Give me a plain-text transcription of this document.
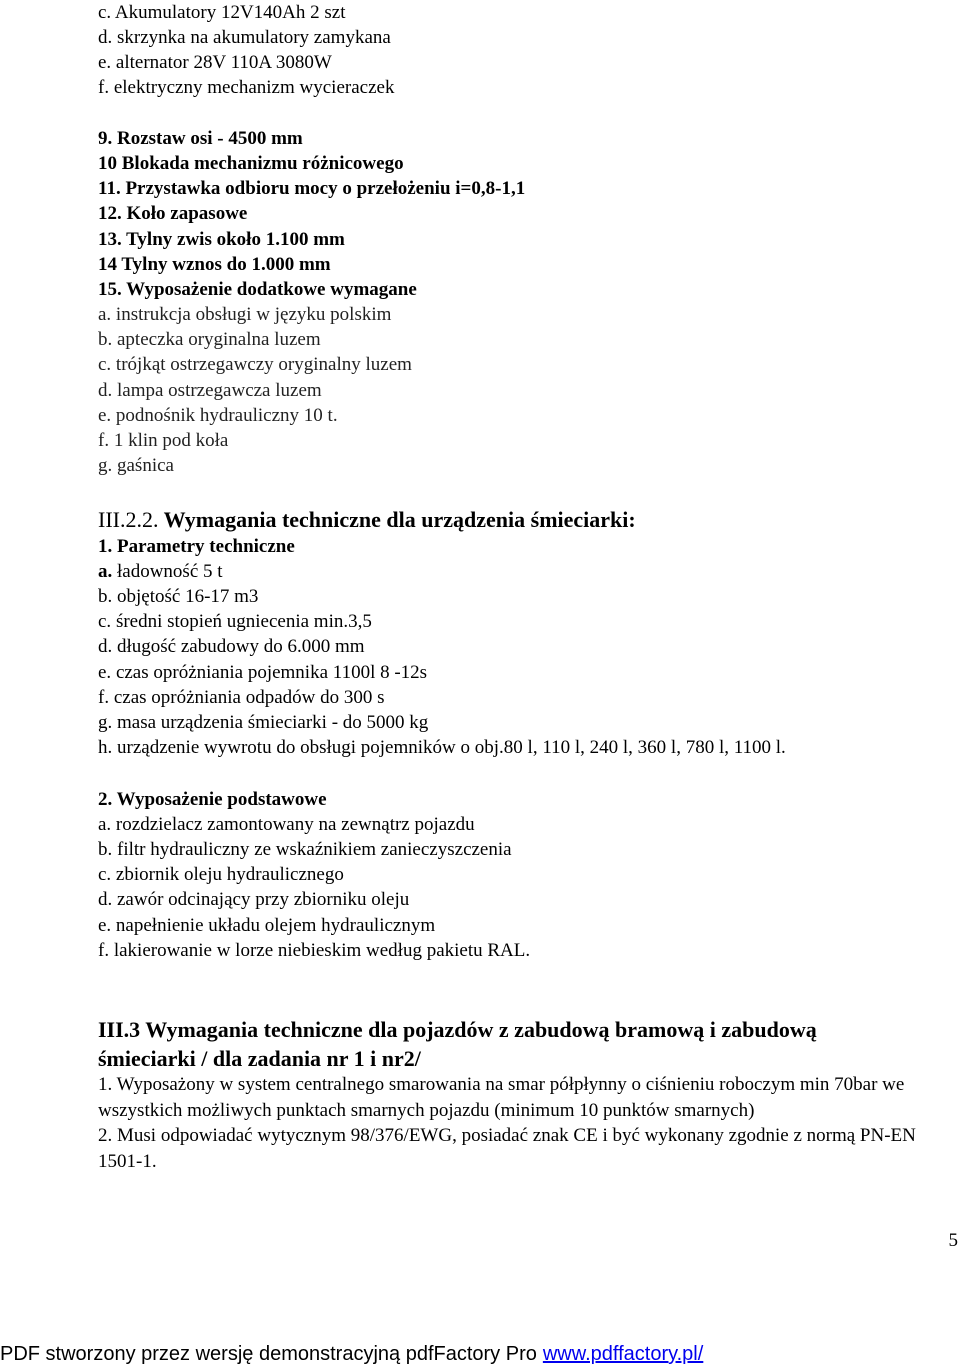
c. Akumulatory 12V140Ah 2 szt
d. skrzynka na akumulatory zamykana
e. alternator 28V 110A 3080W
f. elektryczny mechanizm wycieraczek
9. Rozstaw osi - 4500 mm
10 Blokada mechanizmu różnicowego
11. Przystawka odbioru mocy o przełożeniu i=0,8-1,1
12. Koło zapasowe
13. Tylny zwis około 1.100 mm
14 Tylny wznos do 1.000 mm
15. Wyposażenie dodatkowe wymagane
a. instrukcja obsługi w języku polskim
b. apteczka oryginalna luzem
c. trójkąt ostrzegawczy oryginalny luzem
d. lampa ostrzegawcza luzem
e. podnośnik hydrauliczny 10 t.
f. 1 klin pod koła
g. gaśnica
III.2.2. Wymagania techniczne dla urządzenia śmieciarki:
1. Parametry techniczne
a. ładowność 5 t
b. objętość 16-17 m3
c. średni stopień ugniecenia min.3,5
d. długość zabudowy do 6.000 mm
e. czas opróżniania pojemnika 1100l 8 -12s
f. czas opróżniania odpadów do 300 s
g. masa urządzenia śmieciarki - do 5000 kg
h. urządzenie wywrotu do obsługi pojemników o obj.80 l, 110 l, 240 l, 360 l, 780 l, 1100 l.
2. Wyposażenie podstawowe
a. rozdzielacz zamontowany na zewnątrz pojazdu
b. filtr hydrauliczny ze wskaźnikiem zanieczyszczenia
c. zbiornik oleju hydraulicznego
d. zawór odcinający przy zbiorniku oleju
e. napełnienie układu olejem hydraulicznym
f. lakierowanie w lorze niebieskim według pakietu RAL.
III.3 Wymagania techniczne dla pojazdów z zabudową bramową i zabudową
śmieciarki / dla zadania nr 1 i nr2/
1. Wyposażony w system centralnego smarowania na smar półpłynny o ciśnieniu roboczym min 70bar we wszystkich możliwych punktach smarnych pojazdu (minimum 10 punktów smarnych)
2. Musi odpowiadać wytycznym 98/376/EWG, posiadać znak CE i być wykonany zgodnie z normą PN-EN 1501-1.
5
PDF stworzony przez wersję demonstracyjną pdfFactory Pro www.pdffactory.pl/
